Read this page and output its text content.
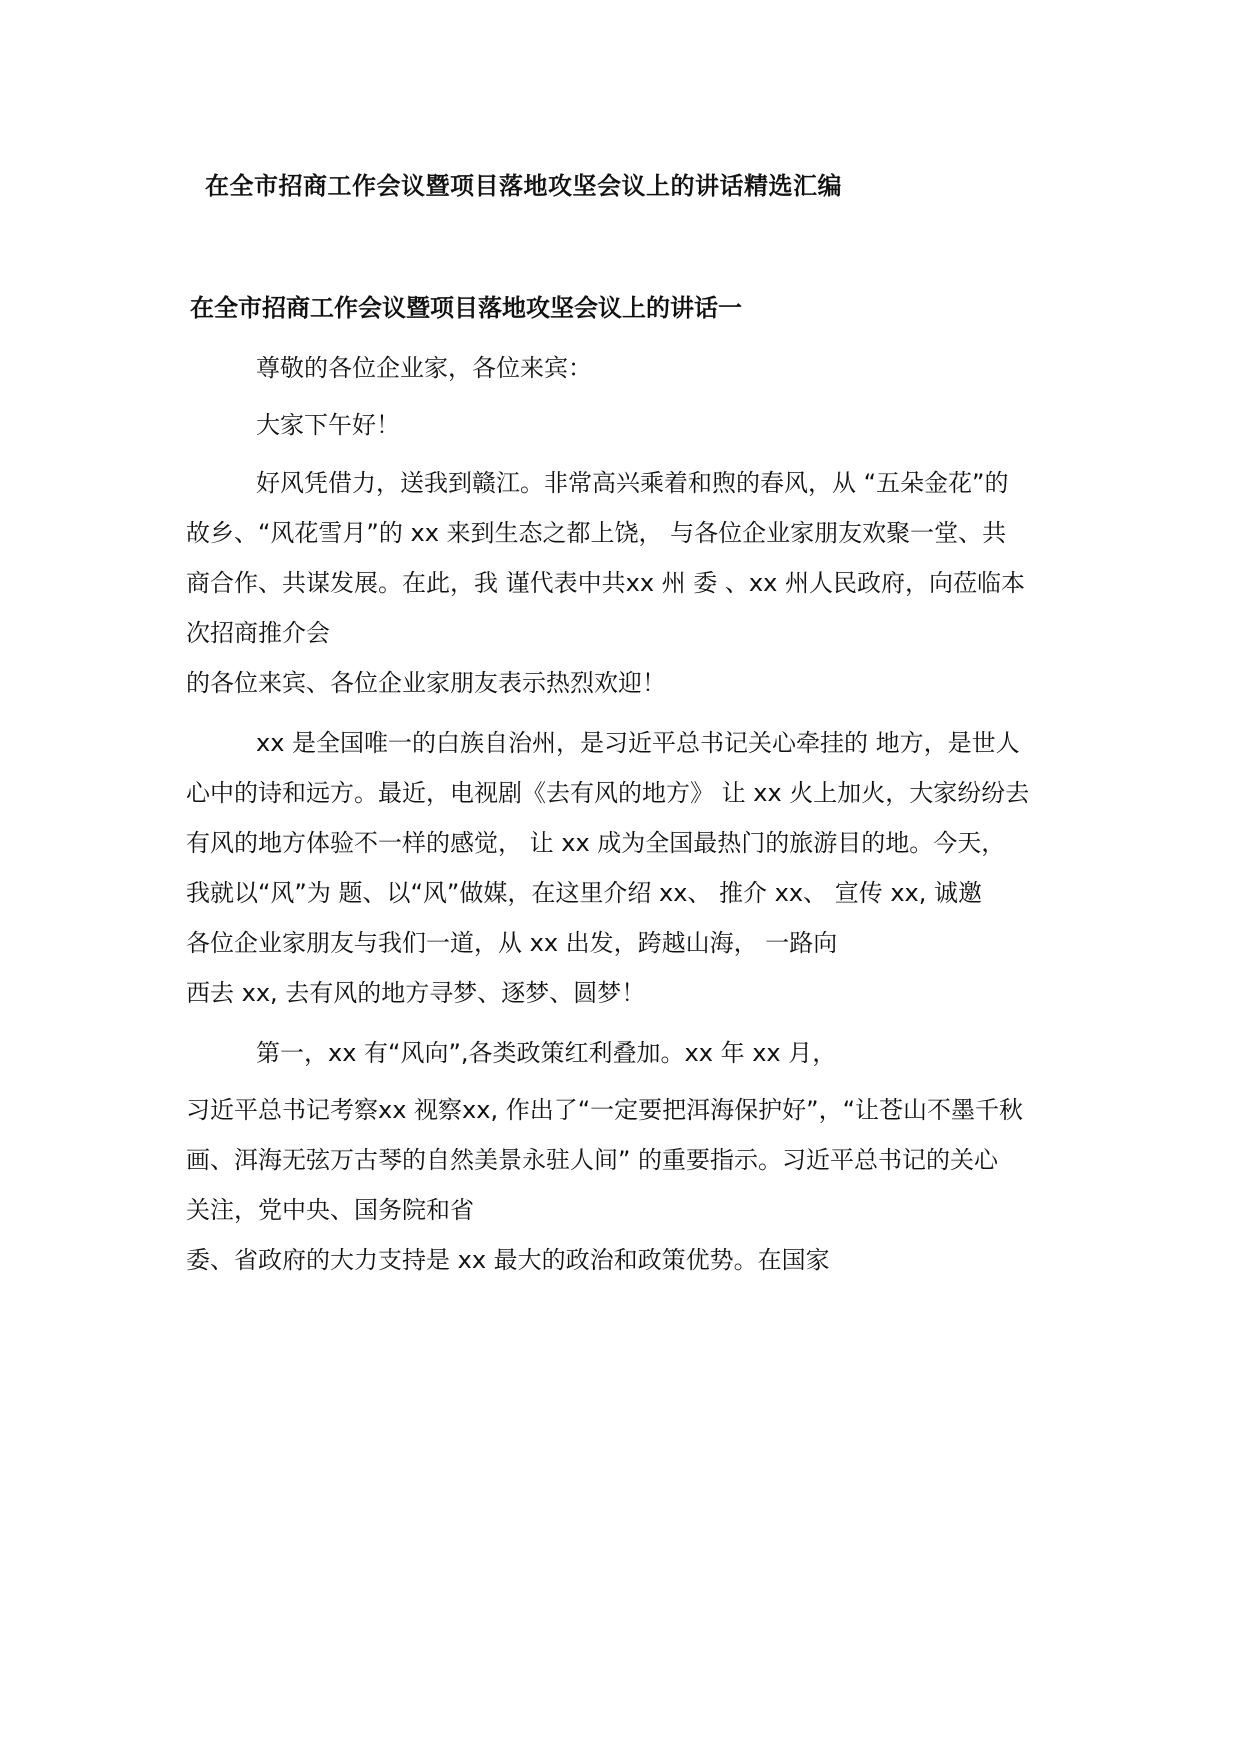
在全市招商工作会议暨项目落地攻坚会议上的讲话精选汇编
在全市招商工作会议暨项目落地攻坚会议上的讲话一

尊敬的各位企业家，各位来宾：

大家下午好！

好风凭借力，送我到赣江。非常高兴乘着和煦的春风，从 “五朵金花”的

故乡、“风花雪月”的 xx 来到生态之都上饶， 与各位企业家朋友欢聚一堂、共

商合作、共谋发展。在此，我 谨代表中共xx 州 委 、xx 州人民政府，向莅临本

次招商推介会

的各位来宾、各位企业家朋友表示热烈欢迎！

xx 是全国唯一的白族自治州，是习近平总书记关心牵挂的 地方，是世人

心中的诗和远方。最近，电视剧《去有风的地方》 让 xx 火上加火，大家纷纷去

有风的地方体验不一样的感觉， 让 xx 成为全国最热门的旅游目的地。今天，

我就以“风”为 题、以“风”做媒，在这里介绍 xx、 推介 xx、 宣传 xx, 诚邀

各位企业家朋友与我们一道，从 xx 出发，跨越山海， 一路向

西去 xx, 去有风的地方寻梦、逐梦、圆梦！

第一，xx 有“风向”,各类政策红利叠加。xx 年 xx 月，

习近平总书记考察xx 视察xx, 作出了“一定要把洱海保护好”，“让苍山不墨千秋

画、洱海无弦万古琴的自然美景永驻人间” 的重要指示。习近平总书记的关心

关注，党中央、国务院和省

委、省政府的大力支持是 xx 最大的政治和政策优势。在国家
